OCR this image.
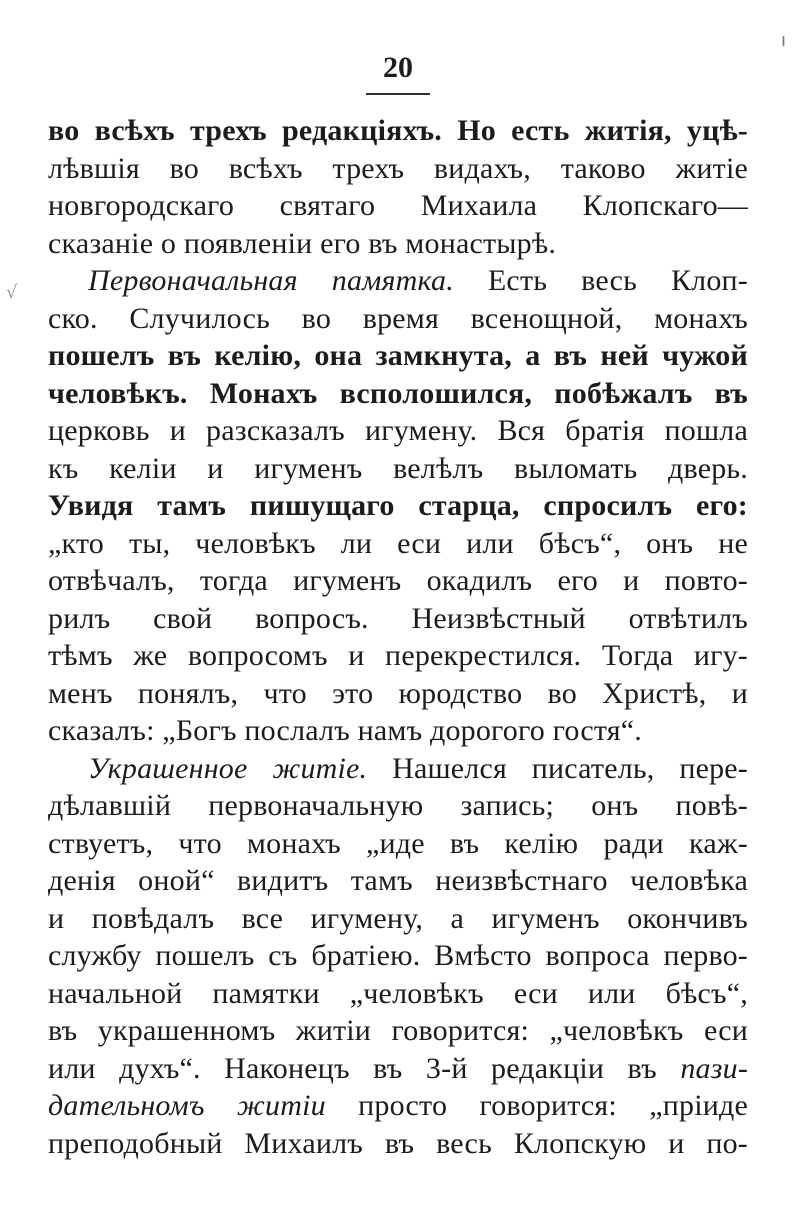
20
√
ı
во всѣхъ трехъ редакціяхъ. Но есть житія, уцѣ-
лѣвшія во всѣхъ трехъ видахъ, таково житіе
новгородскаго святаго Михаила Клопскаго—
сказаніе о появленіи его въ монастырѣ.
Первоначальная памятка. Есть весь Клоп-
ско. Случилось во время всенощной, монахъ
пошелъ въ келію, она замкнута, а въ ней чужой
человѣкъ. Монахъ всполошился, побѣжалъ въ
церковь и разсказалъ игумену. Вся братія пошла
къ келіи и игуменъ велѣлъ выломать дверь.
Увидя тамъ пишущаго старца, спросилъ его:
„кто ты, человѣкъ ли еси или бѣсъ“, онъ не
отвѣчалъ, тогда игуменъ окадилъ его и повто-
рилъ свой вопросъ. Неизвѣстный отвѣтилъ
тѣмъ же вопросомъ и перекрестился. Тогда игу-
менъ понялъ, что это юродство во Христѣ, и
сказалъ: „Богъ послалъ намъ дорогого гостя“.
Украшенное житіе. Нашелся писатель, пере-
дѣлавшій первоначальную запись; онъ повѣ-
ствуетъ, что монахъ „иде въ келію ради каж-
денія оной“ видитъ тамъ неизвѣстнаго человѣка
и повѣдалъ все игумену, а игуменъ окончивъ
службу пошелъ съ братіею. Вмѣсто вопроса перво-
начальной памятки „человѣкъ еси или бѣсъ“,
въ украшенномъ житіи говорится: „человѣкъ еси
или духъ“. Наконецъ въ 3-й редакціи въ пази-
дательномъ житіи просто говорится: „пріиде
преподобный Михаилъ въ весь Клопскую и по-
